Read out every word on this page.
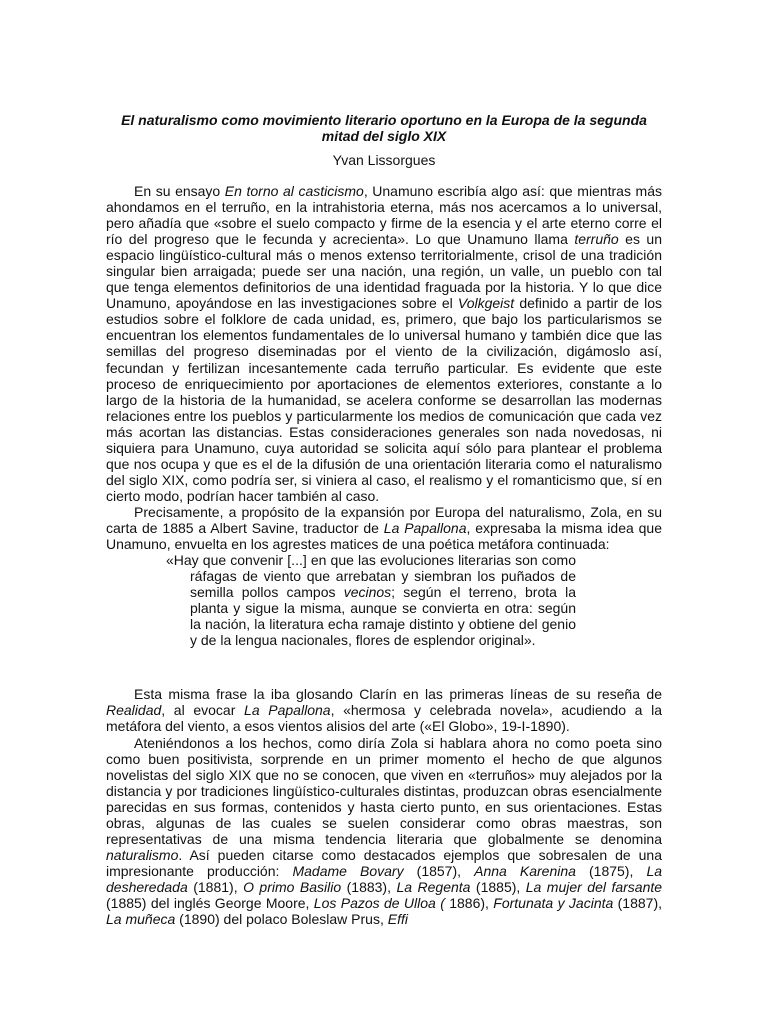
El naturalismo como movimiento literario oportuno en la Europa de la segunda mitad del siglo XIX

Yvan Lissorgues

En su ensayo En torno al casticismo, Unamuno escribía algo así: que mientras más ahondamos en el terruño, en la intrahistoria eterna, más nos acercamos a lo universal, pero añadía que «sobre el suelo compacto y firme de la esencia y el arte eterno corre el río del progreso que le fecunda y acrecienta». Lo que Unamuno llama terruño es un espacio lingüístico-cultural más o menos extenso territorialmente, crisol de una tradición singular bien arraigada; puede ser una nación, una región, un valle, un pueblo con tal que tenga elementos definitorios de una identidad fraguada por la historia. Y lo que dice Unamuno, apoyándose en las investigaciones sobre el Volkgeist definido a partir de los estudios sobre el folklore de cada unidad, es, primero, que bajo los particularismos se encuentran los elementos fundamentales de lo universal humano y también dice que las semillas del progreso diseminadas por el viento de la civilización, digámoslo así, fecundan y fertilizan incesantemente cada terruño particular. Es evidente que este proceso de enriquecimiento por aportaciones de elementos exteriores, constante a lo largo de la historia de la humanidad, se acelera conforme se desarrollan las modernas relaciones entre los pueblos y particularmente los medios de comunicación que cada vez más acortan las distancias. Estas consideraciones generales son nada novedosas, ni siquiera para Unamuno, cuya autoridad se solicita aquí sólo para plantear el problema que nos ocupa y que es el de la difusión de una orientación literaria como el naturalismo del siglo XIX, como podría ser, si viniera al caso, el realismo y el romanticismo que, sí en cierto modo, podrían hacer también al caso.

Precisamente, a propósito de la expansión por Europa del naturalismo, Zola, en su carta de 1885 a Albert Savine, traductor de La Papallona, expresaba la misma idea que Unamuno, envuelta en los agrestes matices de una poética metáfora continuada:

«Hay que convenir [...] en que las evoluciones literarias son como ráfagas de viento que arrebatan y siembran los puñados de semilla pollos campos vecinos; según el terreno, brota la planta y sigue la misma, aunque se convierta en otra: según la nación, la literatura echa ramaje distinto y obtiene del genio y de la lengua nacionales, flores de esplendor original».

Esta misma frase la iba glosando Clarín en las primeras líneas de su reseña de Realidad, al evocar La Papallona, «hermosa y celebrada novela», acudiendo a la metáfora del viento, a esos vientos alisios del arte («El Globo», 19-I-1890).

Ateniéndonos a los hechos, como diría Zola si hablara ahora no como poeta sino como buen positivista, sorprende en un primer momento el hecho de que algunos novelistas del siglo XIX que no se conocen, que viven en «terruños» muy alejados por la distancia y por tradiciones lingüístico-culturales distintas, produzcan obras esencialmente parecidas en sus formas, contenidos y hasta cierto punto, en sus orientaciones. Estas obras, algunas de las cuales se suelen considerar como obras maestras, son representativas de una misma tendencia literaria que globalmente se denomina naturalismo. Así pueden citarse como destacados ejemplos que sobresalen de una impresionante producción: Madame Bovary (1857), Anna Karenina (1875), La desheredada (1881), O primo Basilio (1883), La Regenta (1885), La mujer del farsante (1885) del inglés George Moore, Los Pazos de Ulloa ( 1886), Fortunata y Jacinta (1887), La muñeca (1890) del polaco Boleslaw Prus, Effi
